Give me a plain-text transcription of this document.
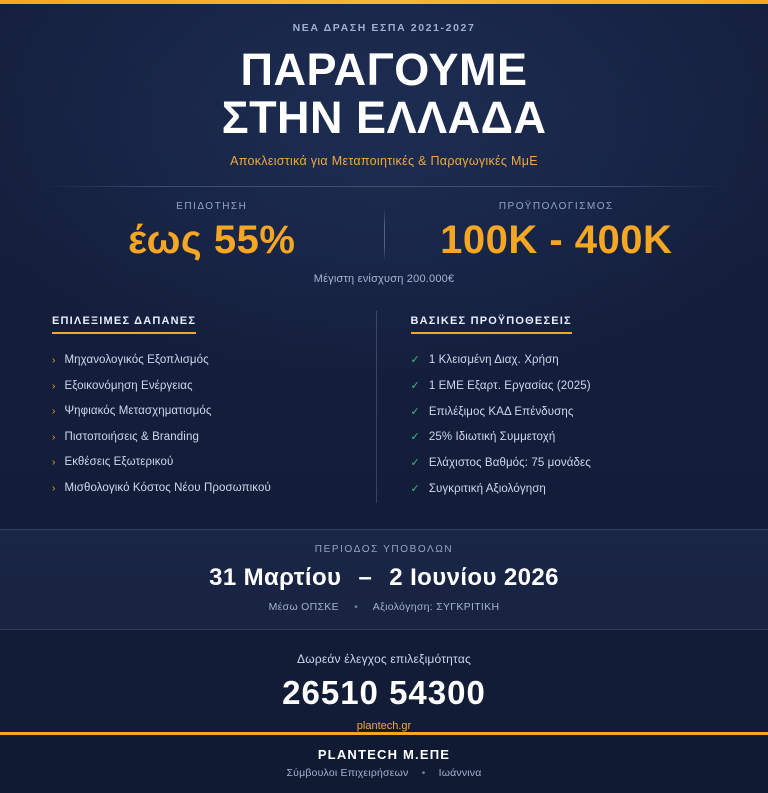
ΝΕΑ ΔΡΑΣΗ ΕΣΠΑ 2021-2027
ΠΑΡΑΓΟΥΜΕ
ΣΤΗΝ ΕΛΛΑΔΑ
Αποκλειστικά για Μεταποιητικές & Παραγωγικές ΜμΕ
ΕΠΙΔΟΤΗΣΗ
έως 55%
ΠΡΟΫΠΟΛΟΓΙΣΜΟΣ
100K - 400K
Μέγιστη ενίσχυση 200.000€
ΕΠΙΛΕΞΙΜΕΣ ΔΑΠΑΝΕΣ
› Μηχανολογικός Εξοπλισμός
› Εξοικονόμηση Ενέργειας
› Ψηφιακός Μετασχηματισμός
› Πιστοποιήσεις & Branding
› Εκθέσεις Εξωτερικού
› Μισθολογικό Κόστος Νέου Προσωπικού
ΒΑΣΙΚΕΣ ΠΡΟΫΠΟΘΕΣΕΙΣ
✓ 1 Κλεισμένη Διαχ. Χρήση
✓ 1 ΕΜΕ Εξαρτ. Εργασίας (2025)
✓ Επιλέξιμος ΚΑΔ Επένδυσης
✓ 25% Ιδιωτική Συμμετοχή
✓ Ελάχιστος Βαθμός: 75 μονάδες
✓ Συγκριτική Αξιολόγηση
ΠΕΡΙΟΔΟΣ ΥΠΟΒΟΛΩΝ
31 Μαρτίου – 2 Ιουνίου 2026
Μέσω ΟΠΣΚΕ • Αξιολόγηση: ΣΥΓΚΡΙΤΙΚΗ
Δωρεάν έλεγχος επιλεξιμότητας
26510 54300
plantech.gr
PLANTECH Μ.ΕΠΕ
Σύμβουλοι Επιχειρήσεων • Ιωάννινα
